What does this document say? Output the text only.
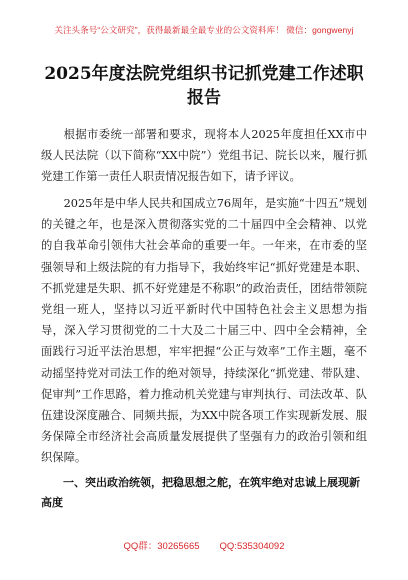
关注头条号“公文研究”，获得最新最全最专业的公文资料库！ 微信：gongwenyj
2025年度法院党组织书记抓党建工作述职报告

根据市委统一部署和要求，现将本人2025年度担任XX市中级人民法院（以下简称“XX中院”）党组书记、院长以来，履行抓党建工作第一责任人职责情况报告如下，请予评议。

2025年是中华人民共和国成立76周年，是实施“十四五”规划的关键之年，也是深入贯彻落实党的二十届四中全会精神、以党的自我革命引领伟大社会革命的重要一年。一年来，在市委的坚强领导和上级法院的有力指导下，我始终牢记“抓好党建是本职、不抓党建是失职、抓不好党建是不称职”的政治责任，团结带领院党组一班人，坚持以习近平新时代中国特色社会主义思想为指导，深入学习贯彻党的二十大及二十届三中、四中全会精神，全面践行习近平法治思想，牢牢把握“公正与效率”工作主题，毫不动摇坚持党对司法工作的绝对领导，持续深化“抓党建、带队建、促审判”工作思路，着力推动机关党建与审判执行、司法改革、队伍建设深度融合、同频共振，为XX中院各项工作实现新发展、服务保障全市经济社会高质量发展提供了坚强有力的政治引领和组织保障。

一、突出政治统领，把稳思想之舵，在筑牢绝对忠诚上展现新高度

QQ群：30265665 QQ:535304092
